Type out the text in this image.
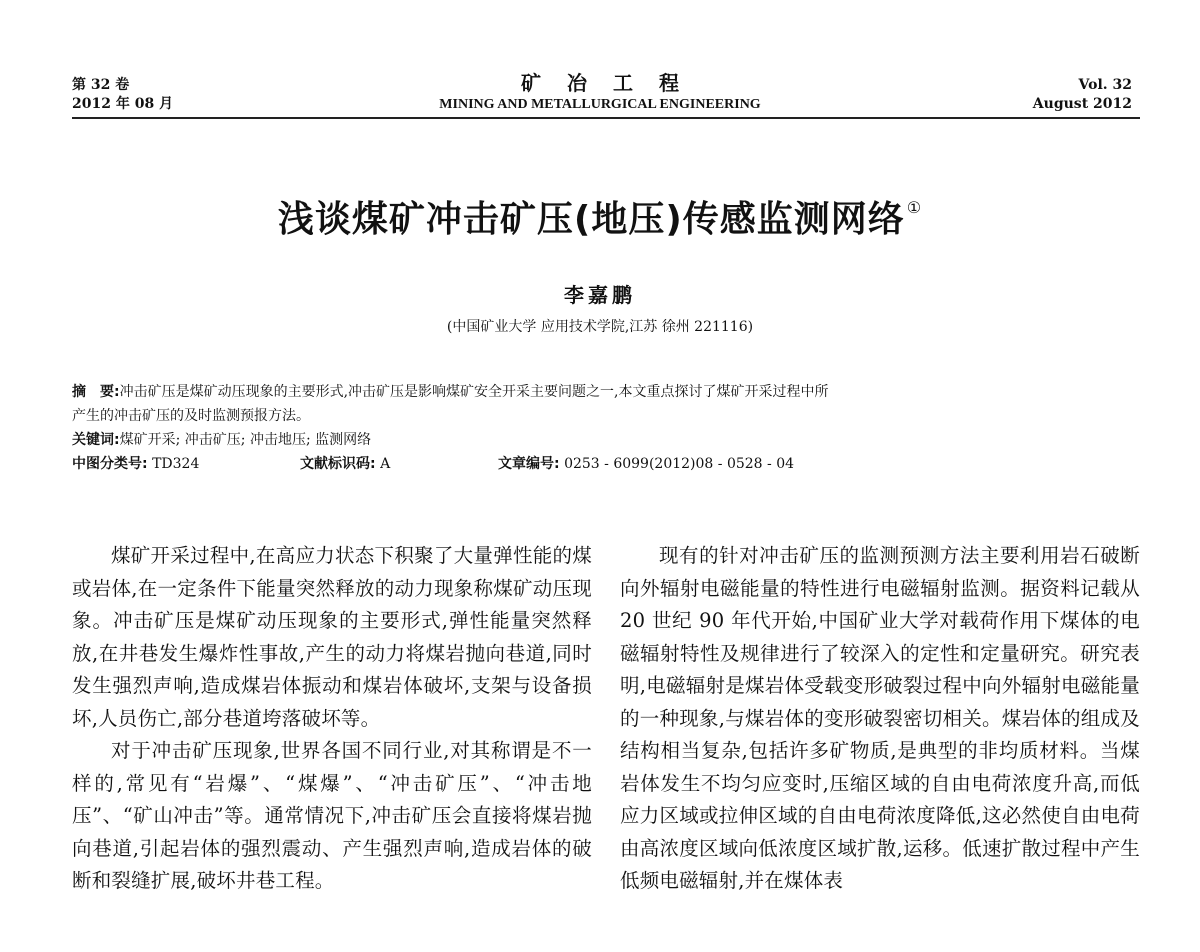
第 32 卷
2012 年 08 月
矿冶工程
MINING AND METALLURGICAL ENGINEERING
Vol. 32
August 2012
浅谈煤矿冲击矿压(地压)传感监测网络 ①
李嘉鹏
(中国矿业大学 应用技术学院,江苏 徐州 221116)
摘　要:冲击矿压是煤矿动压现象的主要形式,冲击矿压是影响煤矿安全开采主要问题之一,本文重点探讨了煤矿开采过程中所
产生的冲击矿压的及时监测预报方法。
关键词:煤矿开采; 冲击矿压; 冲击地压; 监测网络
中图分类号: TD324	文献标识码: A	文章编号: 0253 - 6099(2012)08 - 0528 - 04

煤矿开采过程中,在高应力状态下积聚了大量弹性能的煤或岩体,在一定条件下能量突然释放的动力现象称煤矿动压现象。冲击矿压是煤矿动压现象的主要形式,弹性能量突然释放,在井巷发生爆炸性事故,产生的动力将煤岩抛向巷道,同时发生强烈声响,造成煤岩体振动和煤岩体破坏,支架与设备损坏,人员伤亡,部分巷道垮落破坏等。

对于冲击矿压现象,世界各国不同行业,对其称谓是不一样的,常见有“岩爆”、“煤爆”、“冲击矿压”、“冲击地压”、“矿山冲击”等。通常情况下,冲击矿压会直接将煤岩抛向巷道,引起岩体的强烈震动、产生强烈声响,造成岩体的破断和裂缝扩展,破坏井巷工程。

现有的针对冲击矿压的监测预测方法主要利用岩石破断向外辐射电磁能量的特性进行电磁辐射监测。据资料记载从 20 世纪 90 年代开始,中国矿业大学对载荷作用下煤体的电磁辐射特性及规律进行了较深入的定性和定量研究。研究表明,电磁辐射是煤岩体受载变形破裂过程中向外辐射电磁能量的一种现象,与煤岩体的变形破裂密切相关。煤岩体的组成及结构相当复杂,包括许多矿物质,是典型的非均质材料。当煤岩体发生不均匀应变时,压缩区域的自由电荷浓度升高,而低应力区域或拉伸区域的自由电荷浓度降低,这必然使自由电荷由高浓度区域向低浓度区域扩散,运移。低速扩散过程中产生低频电磁辐射,并在煤体表
